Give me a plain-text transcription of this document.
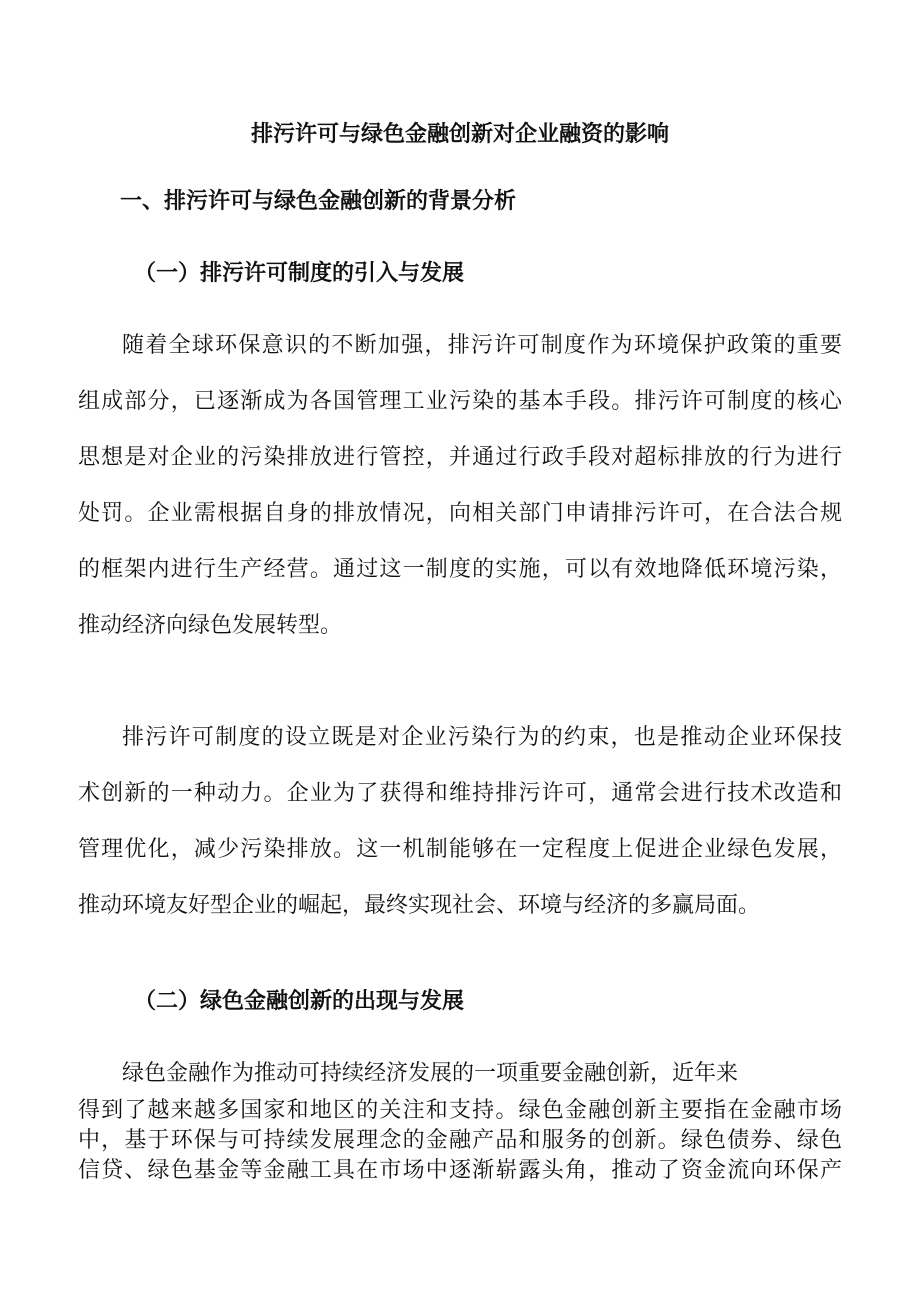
排污许可与绿色金融创新对企业融资的影响
一、排污许可与绿色金融创新的背景分析
（一）排污许可制度的引入与发展
随着全球环保意识的不断加强，排污许可制度作为环境保护政策的重要
组成部分，已逐渐成为各国管理工业污染的基本手段。排污许可制度的核心
思想是对企业的污染排放进行管控，并通过行政手段对超标排放的行为进行
处罚。企业需根据自身的排放情况，向相关部门申请排污许可，在合法合规
的框架内进行生产经营。通过这一制度的实施，可以有效地降低环境污染，
推动经济向绿色发展转型。
排污许可制度的设立既是对企业污染行为的约束，也是推动企业环保技
术创新的一种动力。企业为了获得和维持排污许可，通常会进行技术改造和
管理优化，减少污染排放。这一机制能够在一定程度上促进企业绿色发展，
推动环境友好型企业的崛起，最终实现社会、环境与经济的多赢局面。
（二）绿色金融创新的出现与发展
绿色金融作为推动可持续经济发展的一项重要金融创新，近年来
得到了越来越多国家和地区的关注和支持。绿色金融创新主要指在金融市场
中，基于环保与可持续发展理念的金融产品和服务的创新。绿色债券、绿色
信贷、绿色基金等金融工具在市场中逐渐崭露头角，推动了资金流向环保产
